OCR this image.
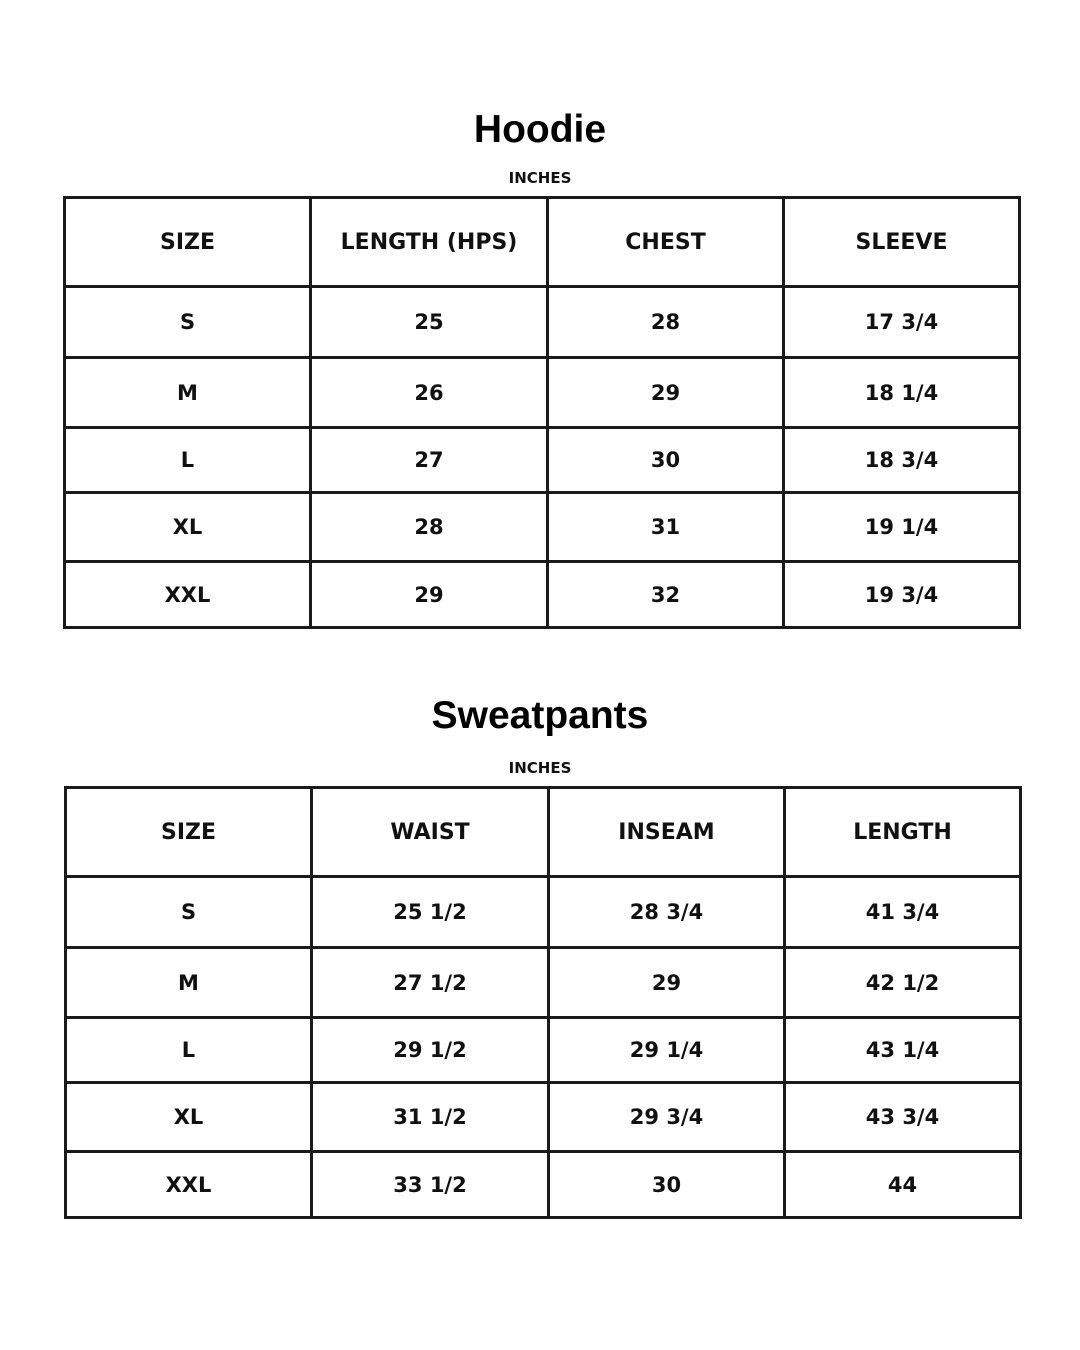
Hoodie
INCHES
SIZE	LENGTH (HPS)	CHEST	SLEEVE
S	25	28	17 3/4
M	26	29	18 1/4
L	27	30	18 3/4
XL	28	31	19 1/4
XXL	29	32	19 3/4
Sweatpants
INCHES
SIZE	WAIST	INSEAM	LENGTH
S	25 1/2	28 3/4	41 3/4
M	27 1/2	29	42 1/2
L	29 1/2	29 1/4	43 1/4
XL	31 1/2	29 3/4	43 3/4
XXL	33 1/2	30	44
